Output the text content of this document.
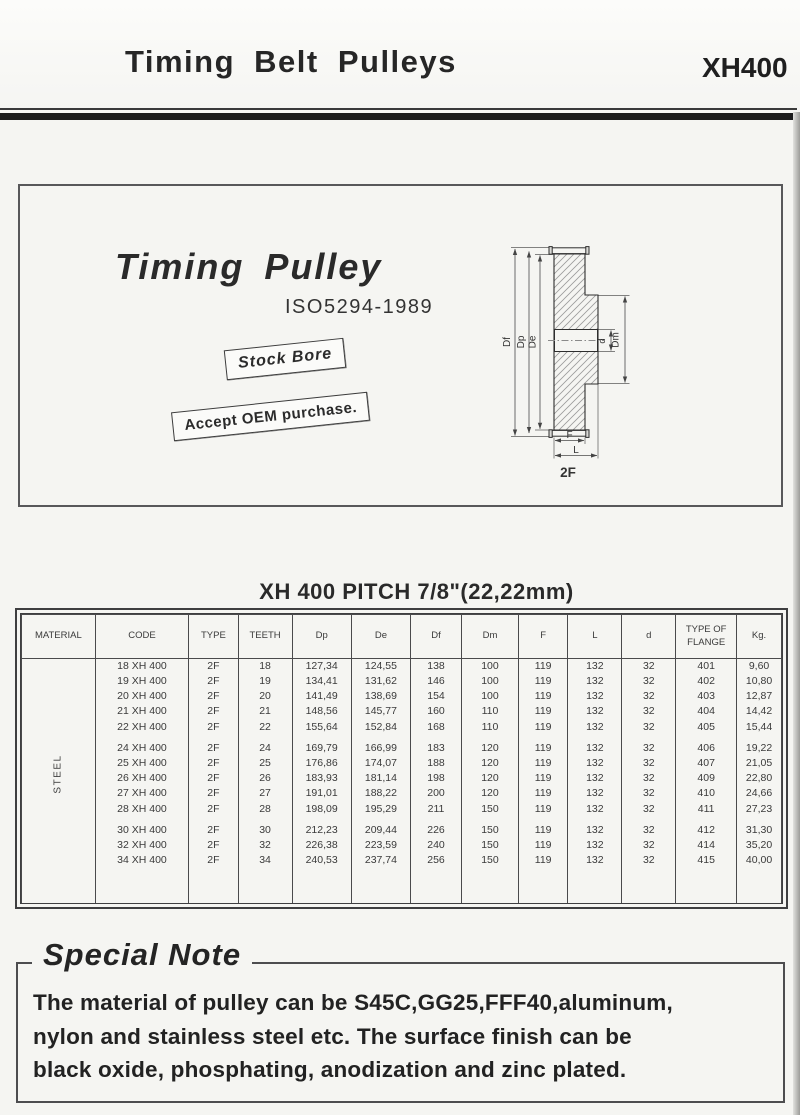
Timing Belt Pulleys	XH400
Timing Pulley
ISO5294-1989
Stock Bore
Accept OEM purchase.
Df Dp De	d Dm
F
L
2F
XH 400 PITCH 7/8"(22,22mm)
MATERIAL	CODE	TYPE	TEETH	Dp	De	Df	Dm	F	L	d	TYPE OF FLANGE	Kg.

STEEL	18 XH 400	2F	18	127,34	124,55	138	100	119	132	32	401	9,60
	19 XH 400	2F	19	134,41	131,62	146	100	119	132	32	402	10,80
	20 XH 400	2F	20	141,49	138,69	154	100	119	132	32	403	12,87
	21 XH 400	2F	21	148,56	145,77	160	110	119	132	32	404	14,42
	22 XH 400	2F	22	155,64	152,84	168	110	119	132	32	405	15,44

	24 XH 400	2F	24	169,79	166,99	183	120	119	132	32	406	19,22
	25 XH 400	2F	25	176,86	174,07	188	120	119	132	32	407	21,05
	26 XH 400	2F	26	183,93	181,14	198	120	119	132	32	409	22,80
	27 XH 400	2F	27	191,01	188,22	200	120	119	132	32	410	24,66
	28 XH 400	2F	28	198,09	195,29	211	150	119	132	32	411	27,23

	30 XH 400	2F	30	212,23	209,44	226	150	119	132	32	412	31,30
	32 XH 400	2F	32	226,38	223,59	240	150	119	132	32	414	35,20
	34 XH 400	2F	34	240,53	237,74	256	150	119	132	32	415	40,00

Special Note
The material of pulley can be S45C,GG25,FFF40,aluminum,
nylon and stainless steel etc. The surface finish can be
black oxide, phosphating, anodization and zinc plated.
